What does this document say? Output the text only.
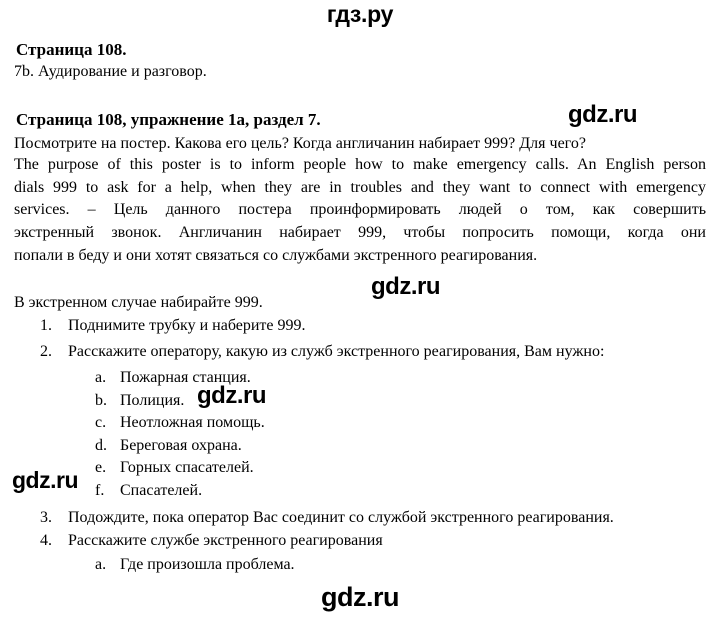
гдз.ру
Страница 108.
7b. Аудирование и разговор.
Страница 108, упражнение 1а, раздел 7.	gdz.ru
Посмотрите на постер. Какова его цель? Когда англичанин набирает 999? Для чего?
The purpose of this poster is to inform people how to make emergency calls. An English person
dials 999 to ask for a help, when they are in troubles and they want to connect with emergency
services. – Цель данного постера проинформировать людей о том, как совершить
экстренный звонок. Англичанин набирает 999, чтобы попросить помощи, когда они
попали в беду и они хотят связаться со службами экстренного реагирования.
gdz.ru
В экстренном случае набирайте 999.
1. Поднимите трубку и наберите 999.
2. Расскажите оператору, какую из служб экстренного реагирования, Вам нужно:
a. Пожарная станция.
b. Полиция. gdz.ru
c. Неотложная помощь.
d. Береговая охрана.
e. Горных спасателей.
gdz.ru	f. Спасателей.
3. Подождите, пока оператор Вас соединит со службой экстренного реагирования.
4. Расскажите службе экстренного реагирования
a. Где произошла проблема.
gdz.ru
